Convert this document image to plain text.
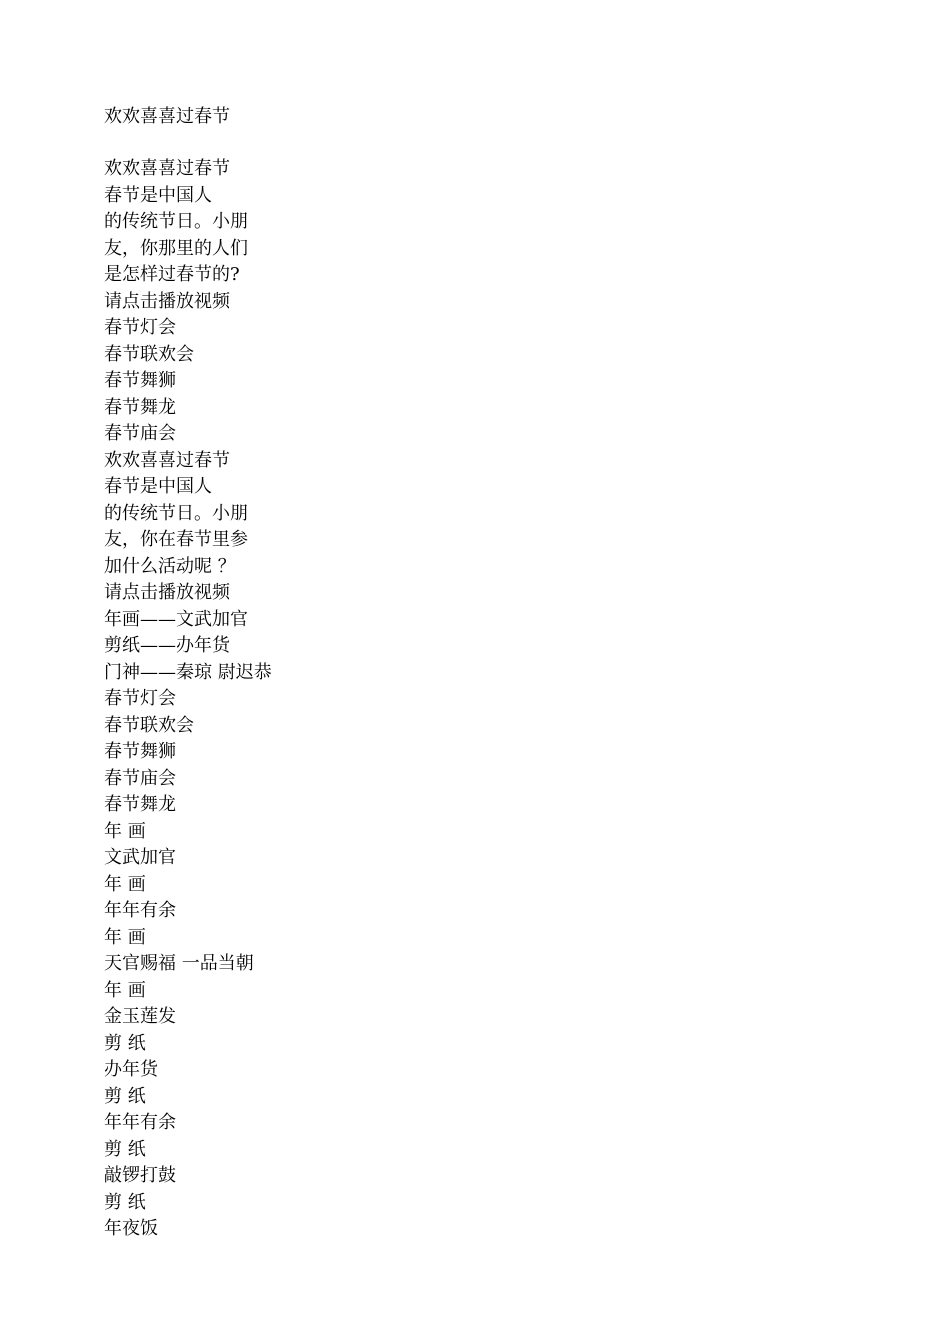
欢欢喜喜过春节
欢欢喜喜过春节
春节是中国人
的传统节日。小朋
友，你那里的人们
是怎样过春节的?
请点击播放视频
春节灯会
春节联欢会
春节舞狮
春节舞龙
春节庙会
欢欢喜喜过春节
春节是中国人
的传统节日。小朋
友，你在春节里参
加什么活动呢 ？
请点击播放视频
年画——文武加官
剪纸——办年货
门神——秦琼 尉迟恭
春节灯会
春节联欢会
春节舞狮
春节庙会
春节舞龙
年 画
文武加官
年 画
年年有余
年 画
天官赐福 一品当朝
年 画
金玉莲发
剪 纸
办年货
剪 纸
年年有余
剪 纸
敲锣打鼓
剪 纸
年夜饭
